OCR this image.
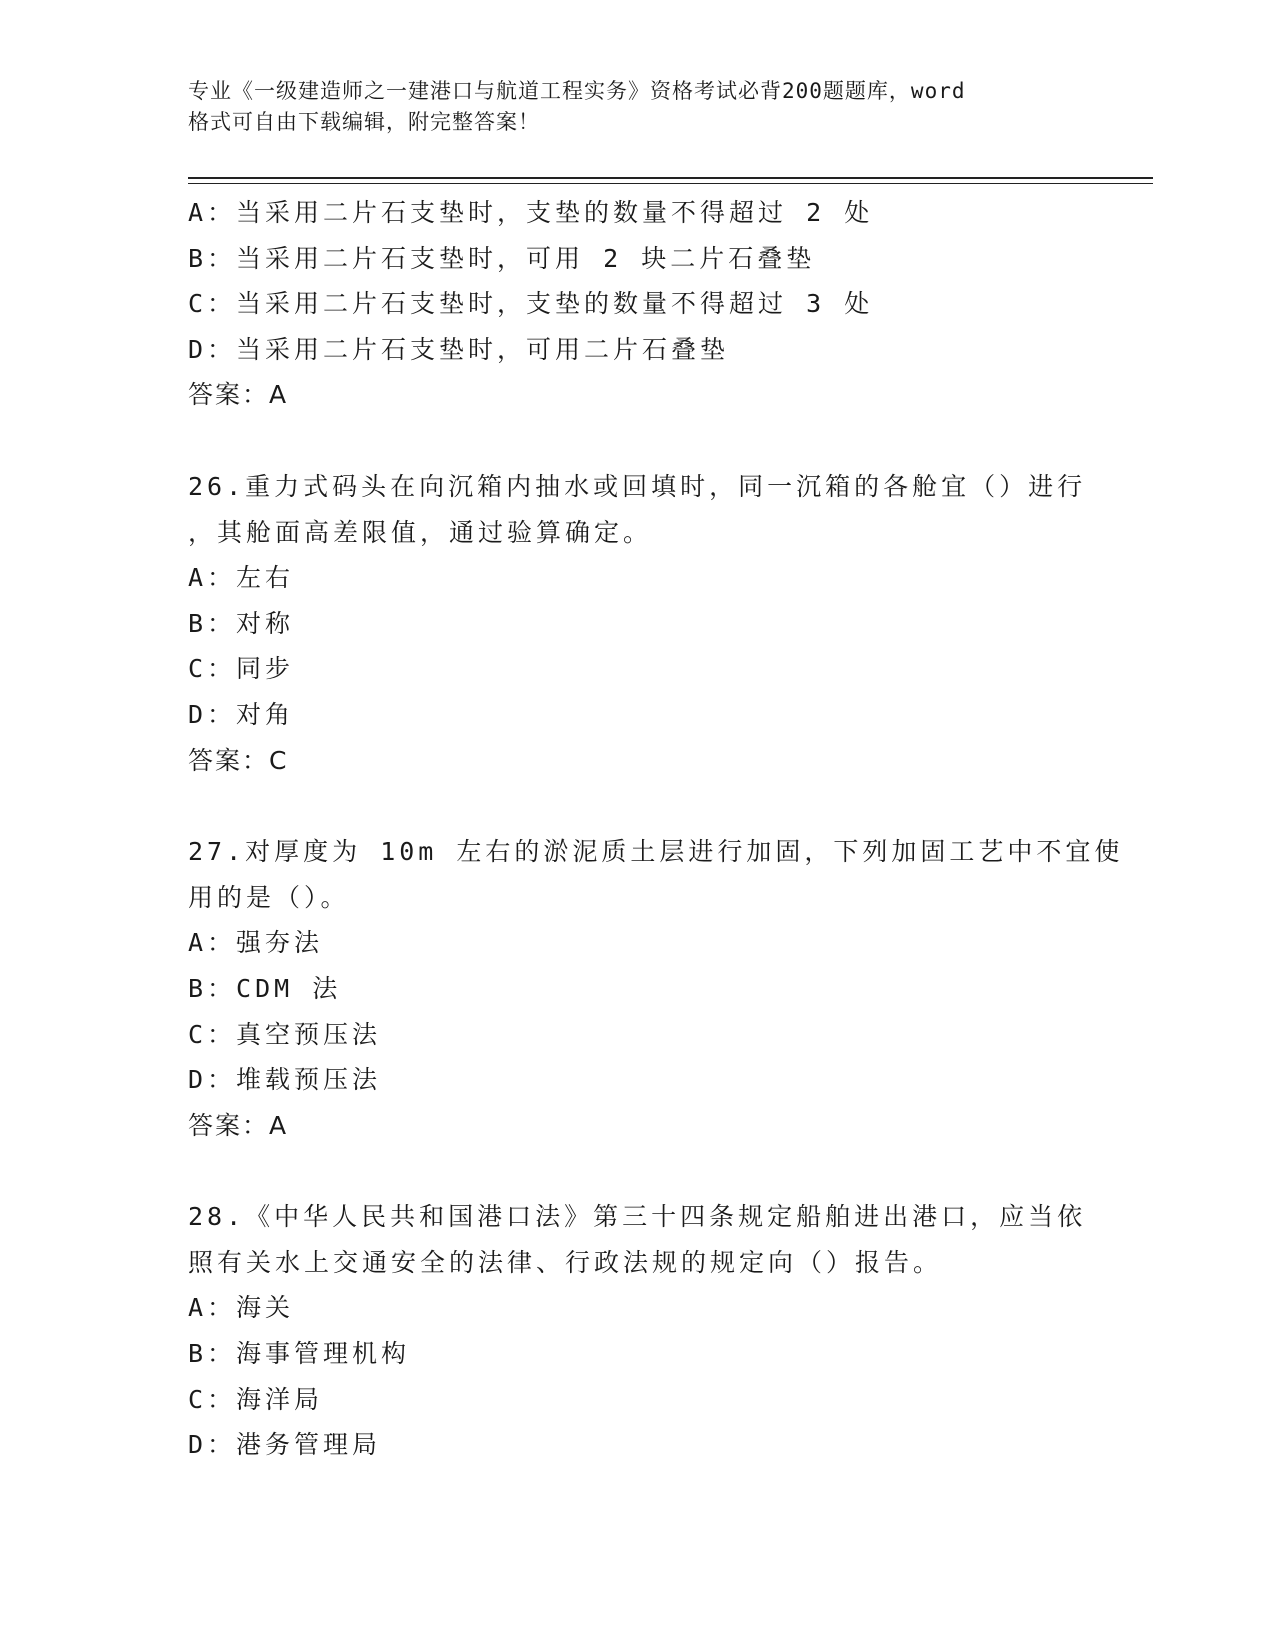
专业《一级建造师之一建港口与航道工程实务》资格考试必背200题题库，word
格式可自由下载编辑，附完整答案！

A：当采用二片石支垫时，支垫的数量不得超过 2 处

B：当采用二片石支垫时，可用 2 块二片石叠垫

C：当采用二片石支垫时，支垫的数量不得超过 3 处

D：当采用二片石支垫时，可用二片石叠垫

答案：A

26.重力式码头在向沉箱内抽水或回填时，同一沉箱的各舱宜（）进行

，其舱面高差限值，通过验算确定。

A：左右

B：对称

C：同步

D：对角

答案：C

27.对厚度为 10m 左右的淤泥质土层进行加固，下列加固工艺中不宜使

用的是（）。

A：强夯法

B：CDM 法

C：真空预压法

D：堆载预压法

答案：A

28.《中华人民共和国港口法》第三十四条规定船舶进出港口，应当依

照有关水上交通安全的法律、行政法规的规定向（）报告。

A：海关

B：海事管理机构

C：海洋局

D：港务管理局
